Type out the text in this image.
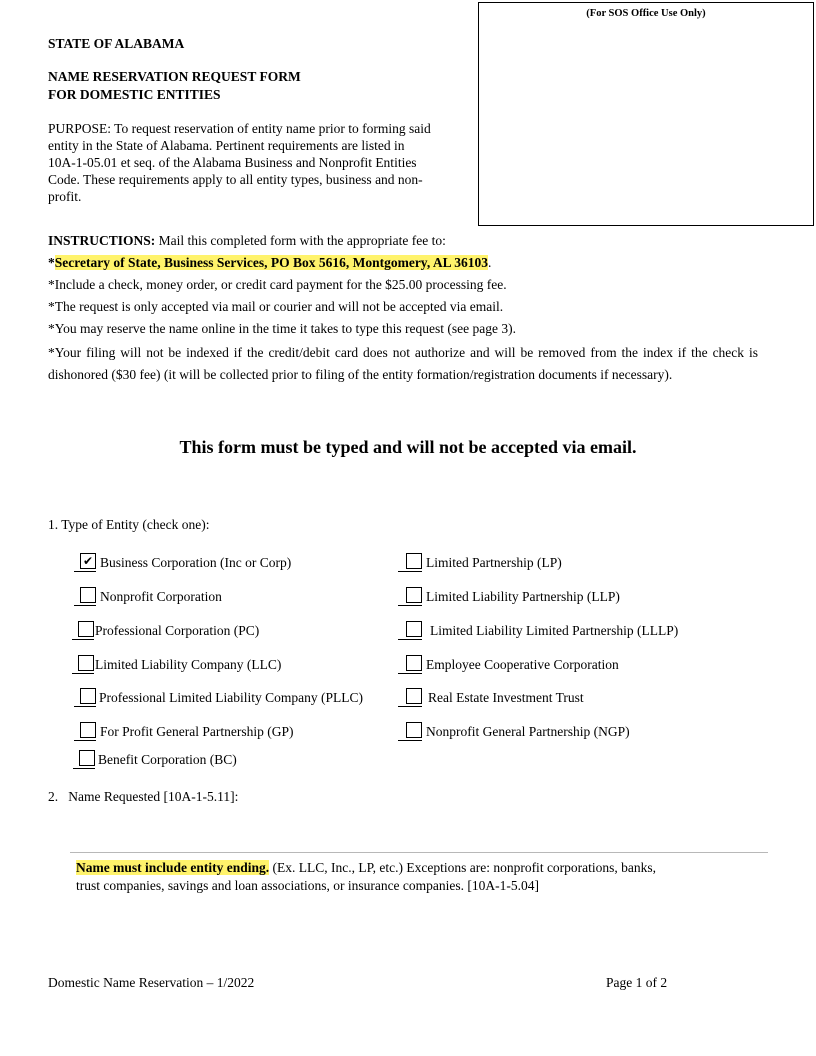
(For SOS Office Use Only)
STATE OF ALABAMA
NAME RESERVATION REQUEST FORM
FOR DOMESTIC ENTITIES
PURPOSE: To request reservation of entity name prior to forming said
entity in the State of Alabama. Pertinent requirements are listed in
10A-1-05.01 et seq. of the Alabama Business and Nonprofit Entities
Code. These requirements apply to all entity types, business and non-
profit.
INSTRUCTIONS: Mail this completed form with the appropriate fee to:
*Secretary of State, Business Services, PO Box 5616, Montgomery, AL 36103.
*Include a check, money order, or credit card payment for the $25.00 processing fee.
*The request is only accepted via mail or courier and will not be accepted via email.
*You may reserve the name online in the time it takes to type this request (see page 3).
*Your filing will not be indexed if the credit/debit card does not authorize and will be removed from the index if the check is dishonored ($30 fee) (it will be collected prior to filing of the entity formation/registration documents if necessary).
This form must be typed and will not be accepted via email.
1. Type of Entity (check one):
✔ Business Corporation (Inc or Corp)
Nonprofit Corporation
Professional Corporation (PC)
Limited Liability Company (LLC)
Professional Limited Liability Company (PLLC)
For Profit General Partnership (GP)
Benefit Corporation (BC)
Limited Partnership (LP)
Limited Liability Partnership (LLP)
Limited Liability Limited Partnership (LLLP)
Employee Cooperative Corporation
Real Estate Investment Trust
Nonprofit General Partnership (NGP)
2.   Name Requested [10A-1-5.11]:
Name must include entity ending. (Ex. LLC, Inc., LP, etc.) Exceptions are: nonprofit corporations, banks,
trust companies, savings and loan associations, or insurance companies. [10A-1-5.04]
Domestic Name Reservation – 1/2022	Page 1 of 2
